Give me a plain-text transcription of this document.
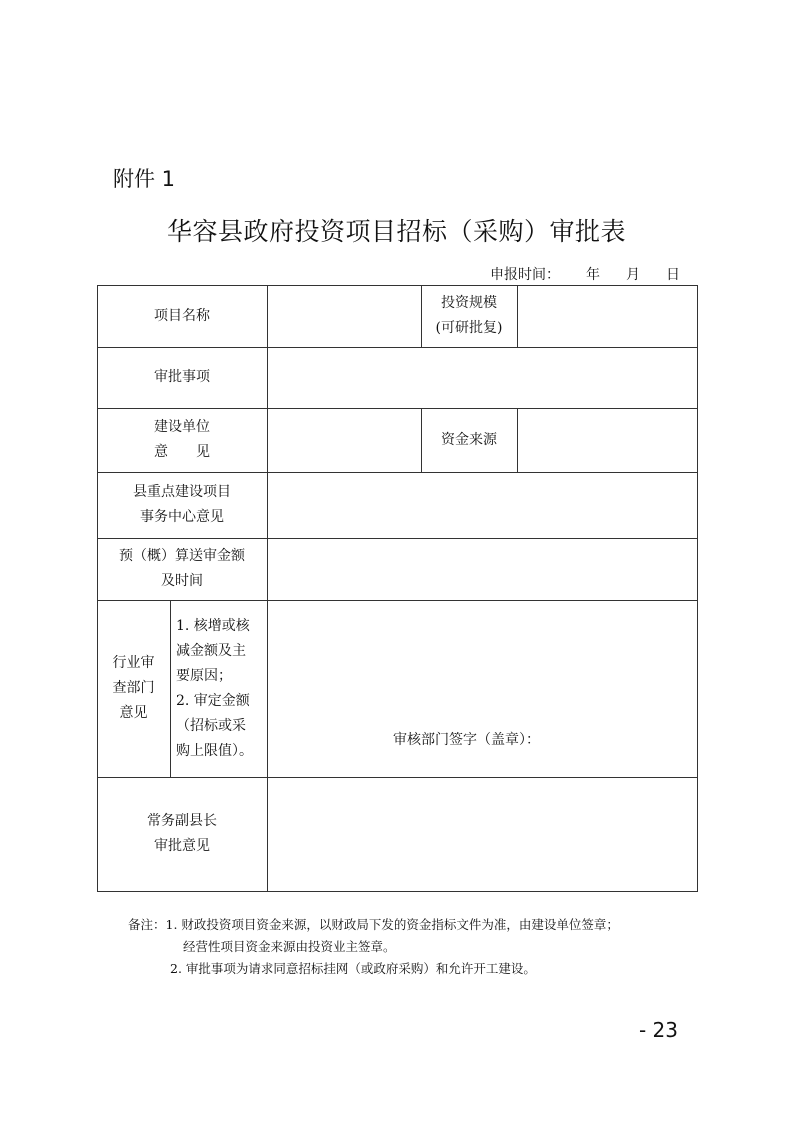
附件 1
华容县政府投资项目招标（采购）审批表
申报时间： 年 月 日
项目名称
投资规模
(可研批复)
审批事项
建设单位
意　　见
资金来源
县重点建设项目
事务中心意见
预（概）算送审金额
及时间
行业审
查部门
意见
1. 核增或核
减金额及主
要原因；
2. 审定金额
（招标或采
购上限值）。
审核部门签字（盖章）：
常务副县长
审批意见
备注：1. 财政投资项目资金来源，以财政局下发的资金指标文件为准，由建设单位签章；
经营性项目资金来源由投资业主签章。
2. 审批事项为请求同意招标挂网（或政府采购）和允许开工建设。
- 23
